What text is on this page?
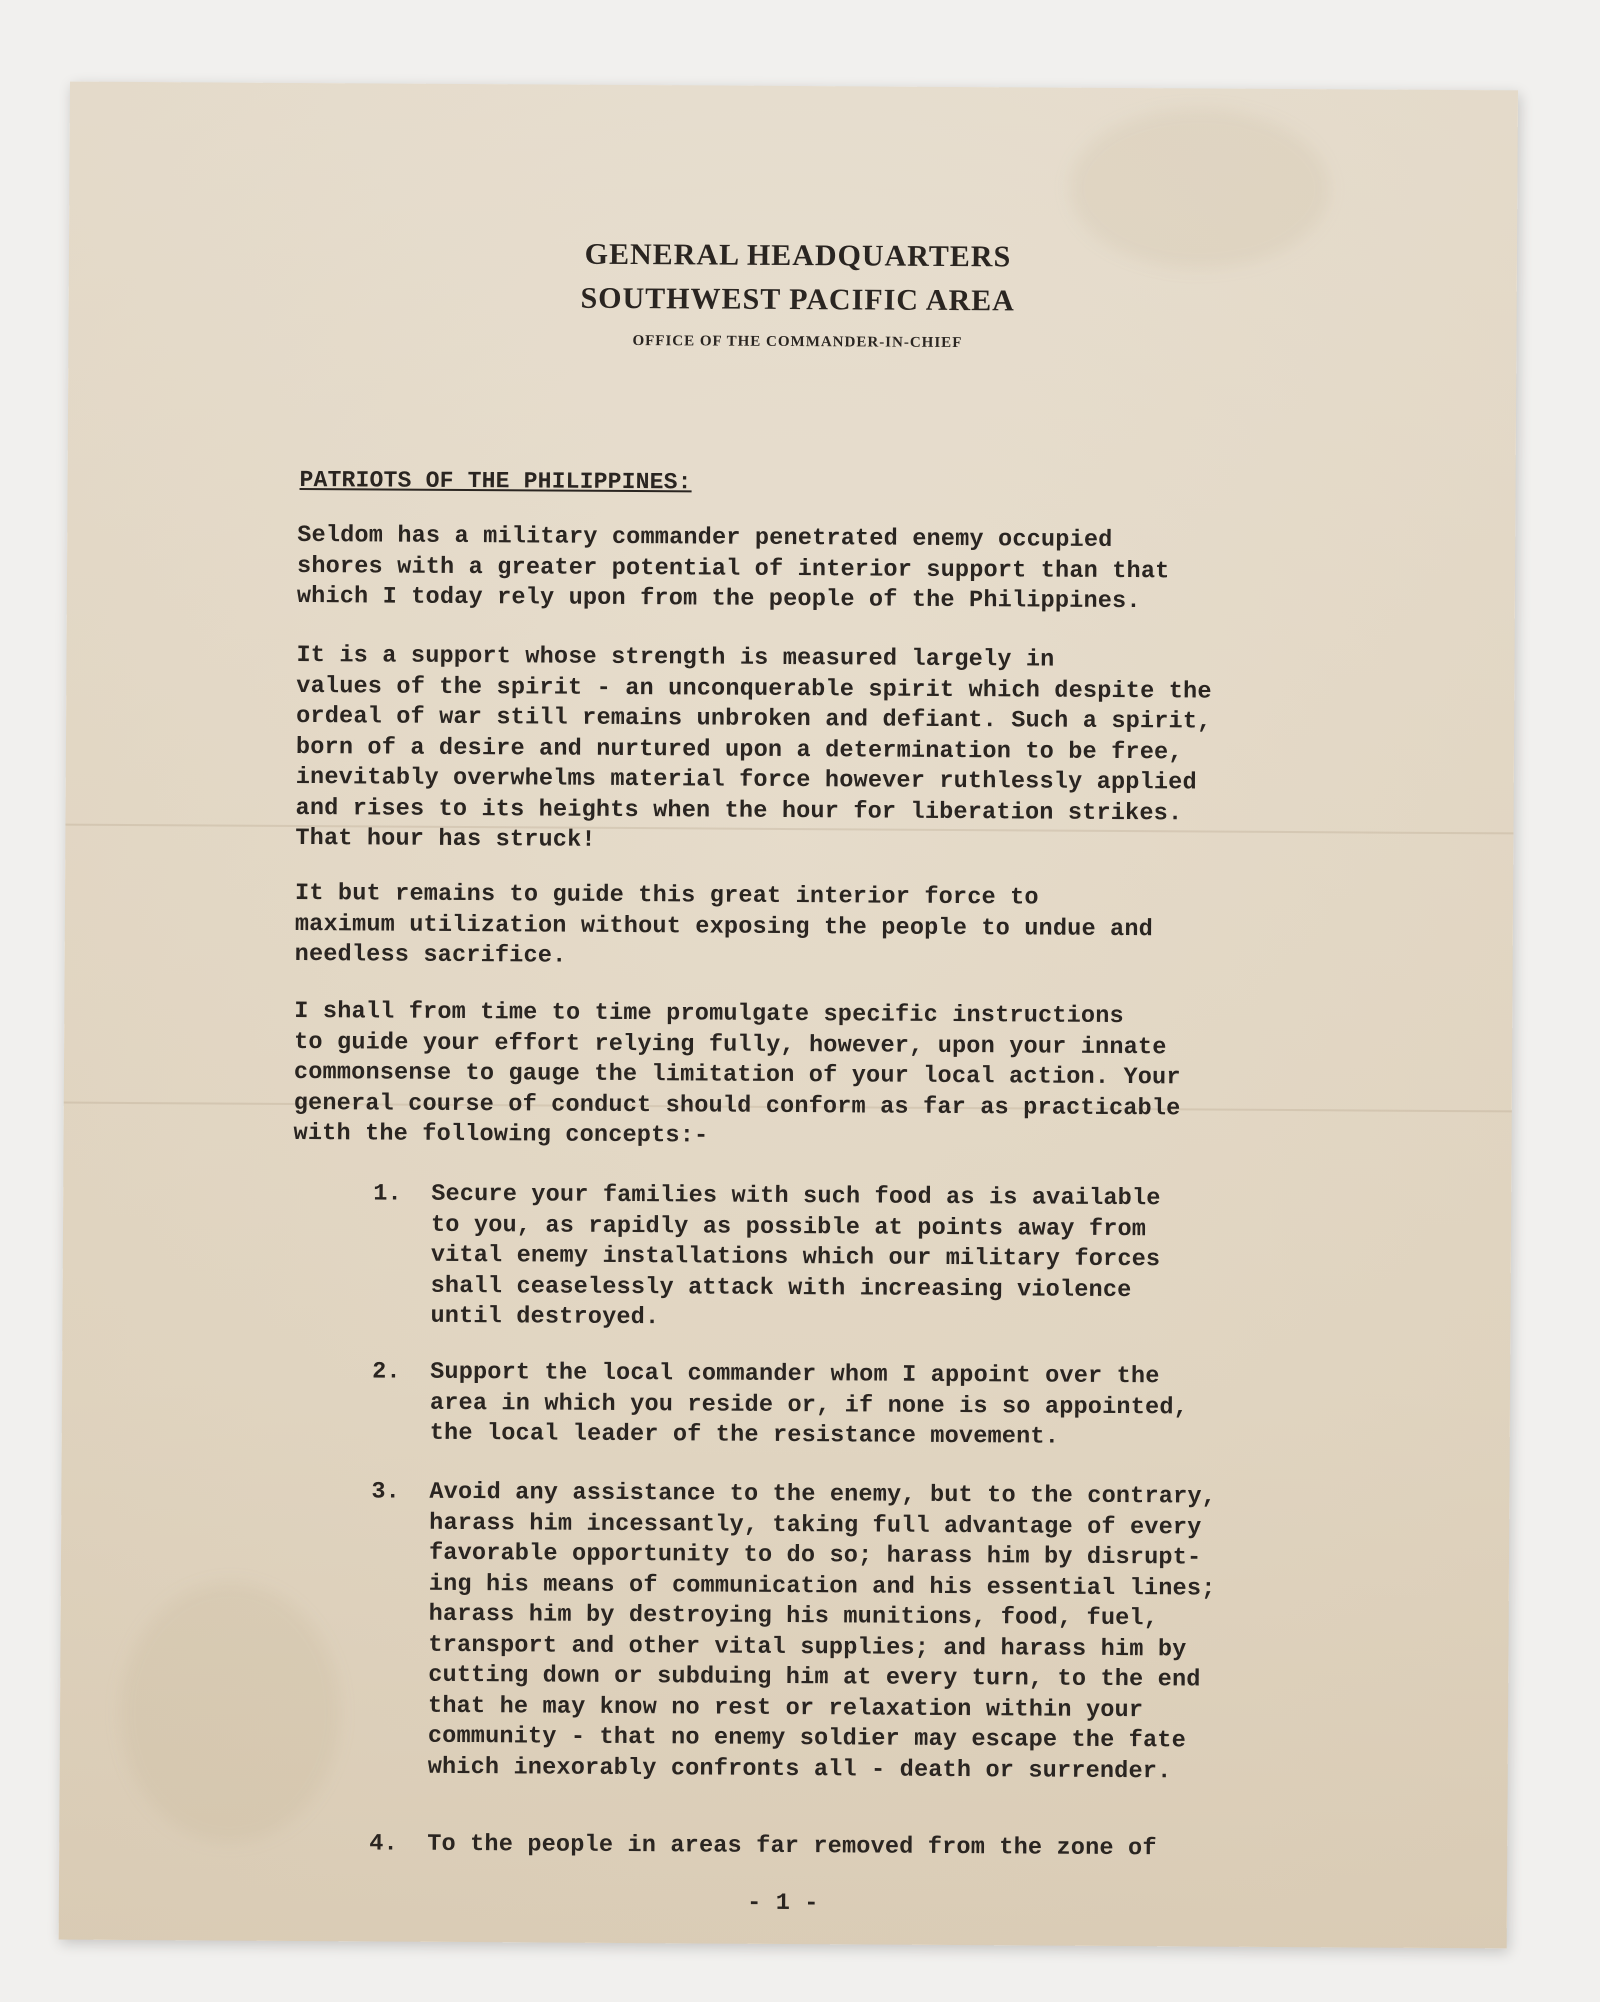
GENERAL HEADQUARTERS
SOUTHWEST PACIFIC AREA
OFFICE OF THE COMMANDER-IN-CHIEF
PATRIOTS OF THE PHILIPPINES:
Seldom has a military commander penetrated enemy occupied
shores with a greater potential of interior support than that
which I today rely upon from the people of the Philippines.
It is a support whose strength is measured largely in
values of the spirit - an unconquerable spirit which despite the
ordeal of war still remains unbroken and defiant. Such a spirit,
born of a desire and nurtured upon a determination to be free,
inevitably overwhelms material force however ruthlessly applied
and rises to its heights when the hour for liberation strikes.
That hour has struck!
It but remains to guide this great interior force to
maximum utilization without exposing the people to undue and
needless sacrifice.
I shall from time to time promulgate specific instructions
to guide your effort relying fully, however, upon your innate
commonsense to gauge the limitation of your local action. Your
general course of conduct should conform as far as practicable
with the following concepts:-
1. Secure your families with such food as is available
to you, as rapidly as possible at points away from
vital enemy installations which our military forces
shall ceaselessly attack with increasing violence
until destroyed.
2. Support the local commander whom I appoint over the
area in which you reside or, if none is so appointed,
the local leader of the resistance movement.
3. Avoid any assistance to the enemy, but to the contrary,
harass him incessantly, taking full advantage of every
favorable opportunity to do so; harass him by disrupt-
ing his means of communication and his essential lines;
harass him by destroying his munitions, food, fuel,
transport and other vital supplies; and harass him by
cutting down or subduing him at every turn, to the end
that he may know no rest or relaxation within your
community - that no enemy soldier may escape the fate
which inexorably confronts all - death or surrender.
4. To the people in areas far removed from the zone of
- 1 -
